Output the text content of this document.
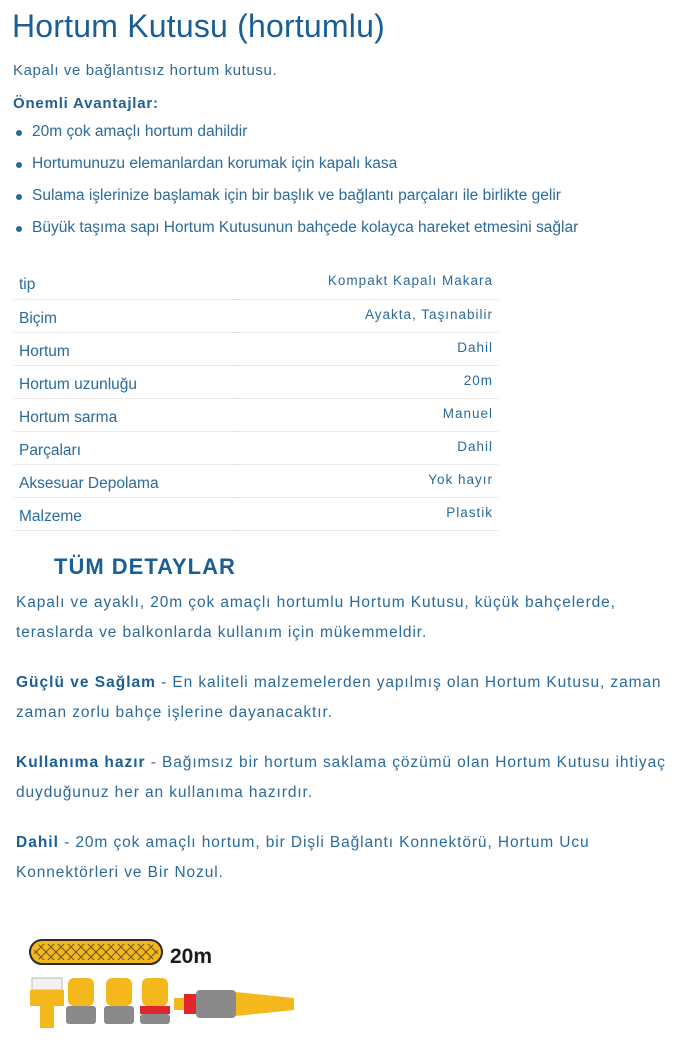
Hortum Kutusu (hortumlu)
Kapalı ve bağlantısız hortum kutusu.
Önemli Avantajlar:
20m çok amaçlı hortum dahildir
Hortumunuzu elemanlardan korumak için kapalı kasa
Sulama işlerinize başlamak için bir başlık ve bağlantı parçaları ile birlikte gelir
Büyük taşıma sapı Hortum Kutusunun bahçede kolayca hareket etmesini sağlar
tip	Kompakt Kapalı Makara
Biçim	Ayakta, Taşınabilir
Hortum	Dahil
Hortum uzunluğu	20m
Hortum sarma	Manuel
Parçaları	Dahil
Aksesuar Depolama	Yok hayır
Malzeme	Plastik
TÜM DETAYLAR

Kapalı ve ayaklı, 20m çok amaçlı hortumlu Hortum Kutusu, küçük bahçelerde, teraslarda ve balkonlarda kullanım için mükemmeldir.

Güçlü ve Sağlam - En kaliteli malzemelerden yapılmış olan Hortum Kutusu, zaman zaman zorlu bahçe işlerine dayanacaktır.

Kullanıma hazır - Bağımsız bir hortum saklama çözümü olan Hortum Kutusu ihtiyaç duyduğunuz her an kullanıma hazırdır.

Dahil - 20m çok amaçlı hortum, bir Dişli Bağlantı Konnektörü, Hortum Ucu Konnektörleri ve Bir Nozul.

20m
